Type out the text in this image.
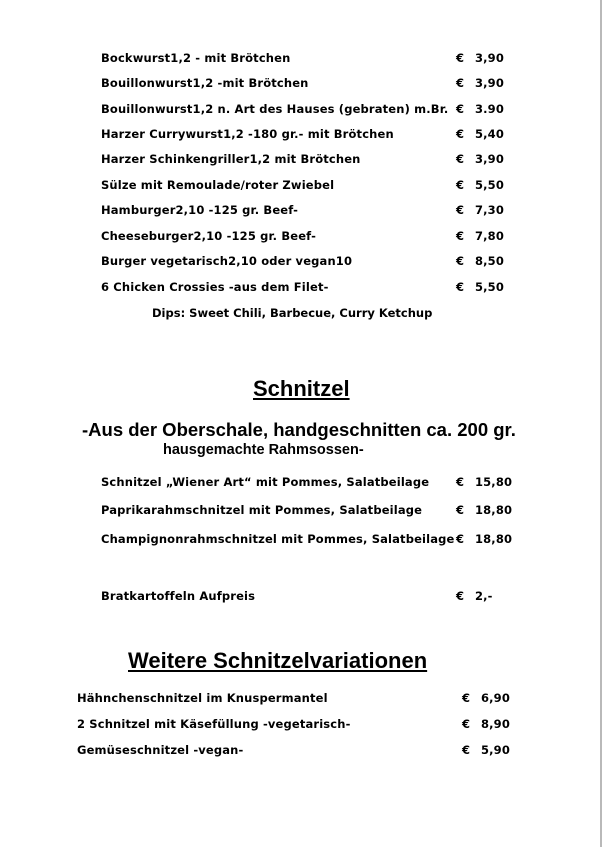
Bockwurst1,2 - mit Brötchen	€ 3,90
Bouillonwurst1,2 -mit Brötchen	€ 3,90
Bouillonwurst1,2 n. Art des Hauses (gebraten) m.Br. € 3.90
Harzer Currywurst1,2 -180 gr.- mit Brötchen	€ 5,40
Harzer Schinkengriller1,2 mit Brötchen	€ 3,90
Sülze mit Remoulade/roter Zwiebel	€ 5,50
Hamburger2,10 -125 gr. Beef-	€ 7,30
Cheeseburger2,10 -125 gr. Beef-	€ 7,80
Burger vegetarisch2,10 oder vegan10	€ 8,50
6 Chicken Crossies -aus dem Filet-	€ 5,50
Dips: Sweet Chili, Barbecue, Curry Ketchup
Schnitzel
-Aus der Oberschale, handgeschnitten ca. 200 gr.
hausgemachte Rahmsossen-
Schnitzel „Wiener Art“ mit Pommes, Salatbeilage € 15,80
Paprikarahmschnitzel mit Pommes, Salatbeilage	€ 18,80
Champignonrahmschnitzel mit Pommes, Salatbeilage € 18,80
Bratkartoffeln Aufpreis	€ 2,-
Weitere Schnitzelvariationen
Hähnchenschnitzel im Knuspermantel	€ 6,90
2 Schnitzel mit Käsefüllung -vegetarisch-	€ 8,90
Gemüseschnitzel -vegan-	€ 5,90
